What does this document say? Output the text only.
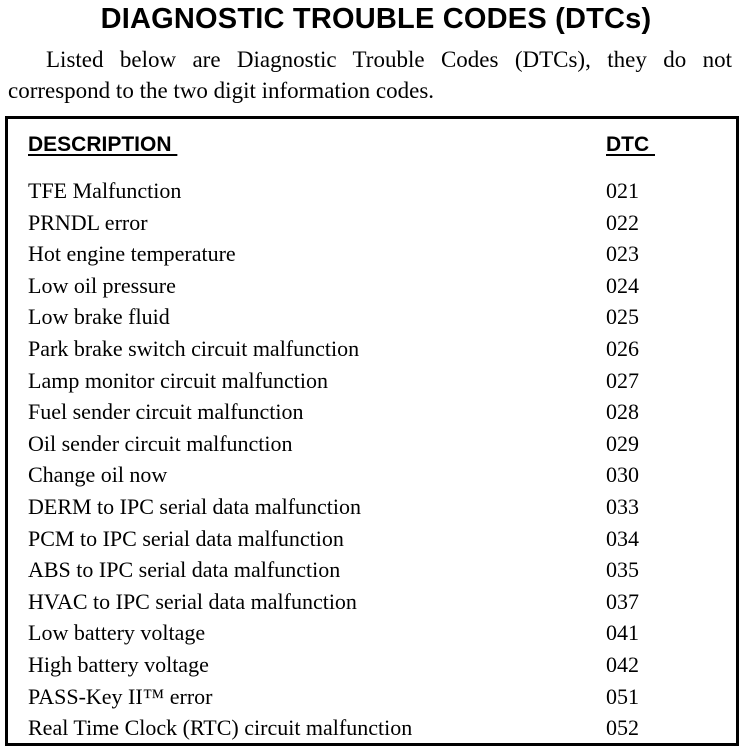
DIAGNOSTIC TROUBLE CODES (DTCs)
Listed below are Diagnostic Trouble Codes (DTCs), they do not correspond to the two digit information codes.
DESCRIPTION	DTC
TFE Malfunction	021
PRNDL error	022
Hot engine temperature	023
Low oil pressure	024
Low brake fluid	025
Park brake switch circuit malfunction	026
Lamp monitor circuit malfunction	027
Fuel sender circuit malfunction	028
Oil sender circuit malfunction	029
Change oil now	030
DERM to IPC serial data malfunction	033
PCM to IPC serial data malfunction	034
ABS to IPC serial data malfunction	035
HVAC to IPC serial data malfunction	037
Low battery voltage	041
High battery voltage	042
PASS-Key II™ error	051
Real Time Clock (RTC) circuit malfunction	052
